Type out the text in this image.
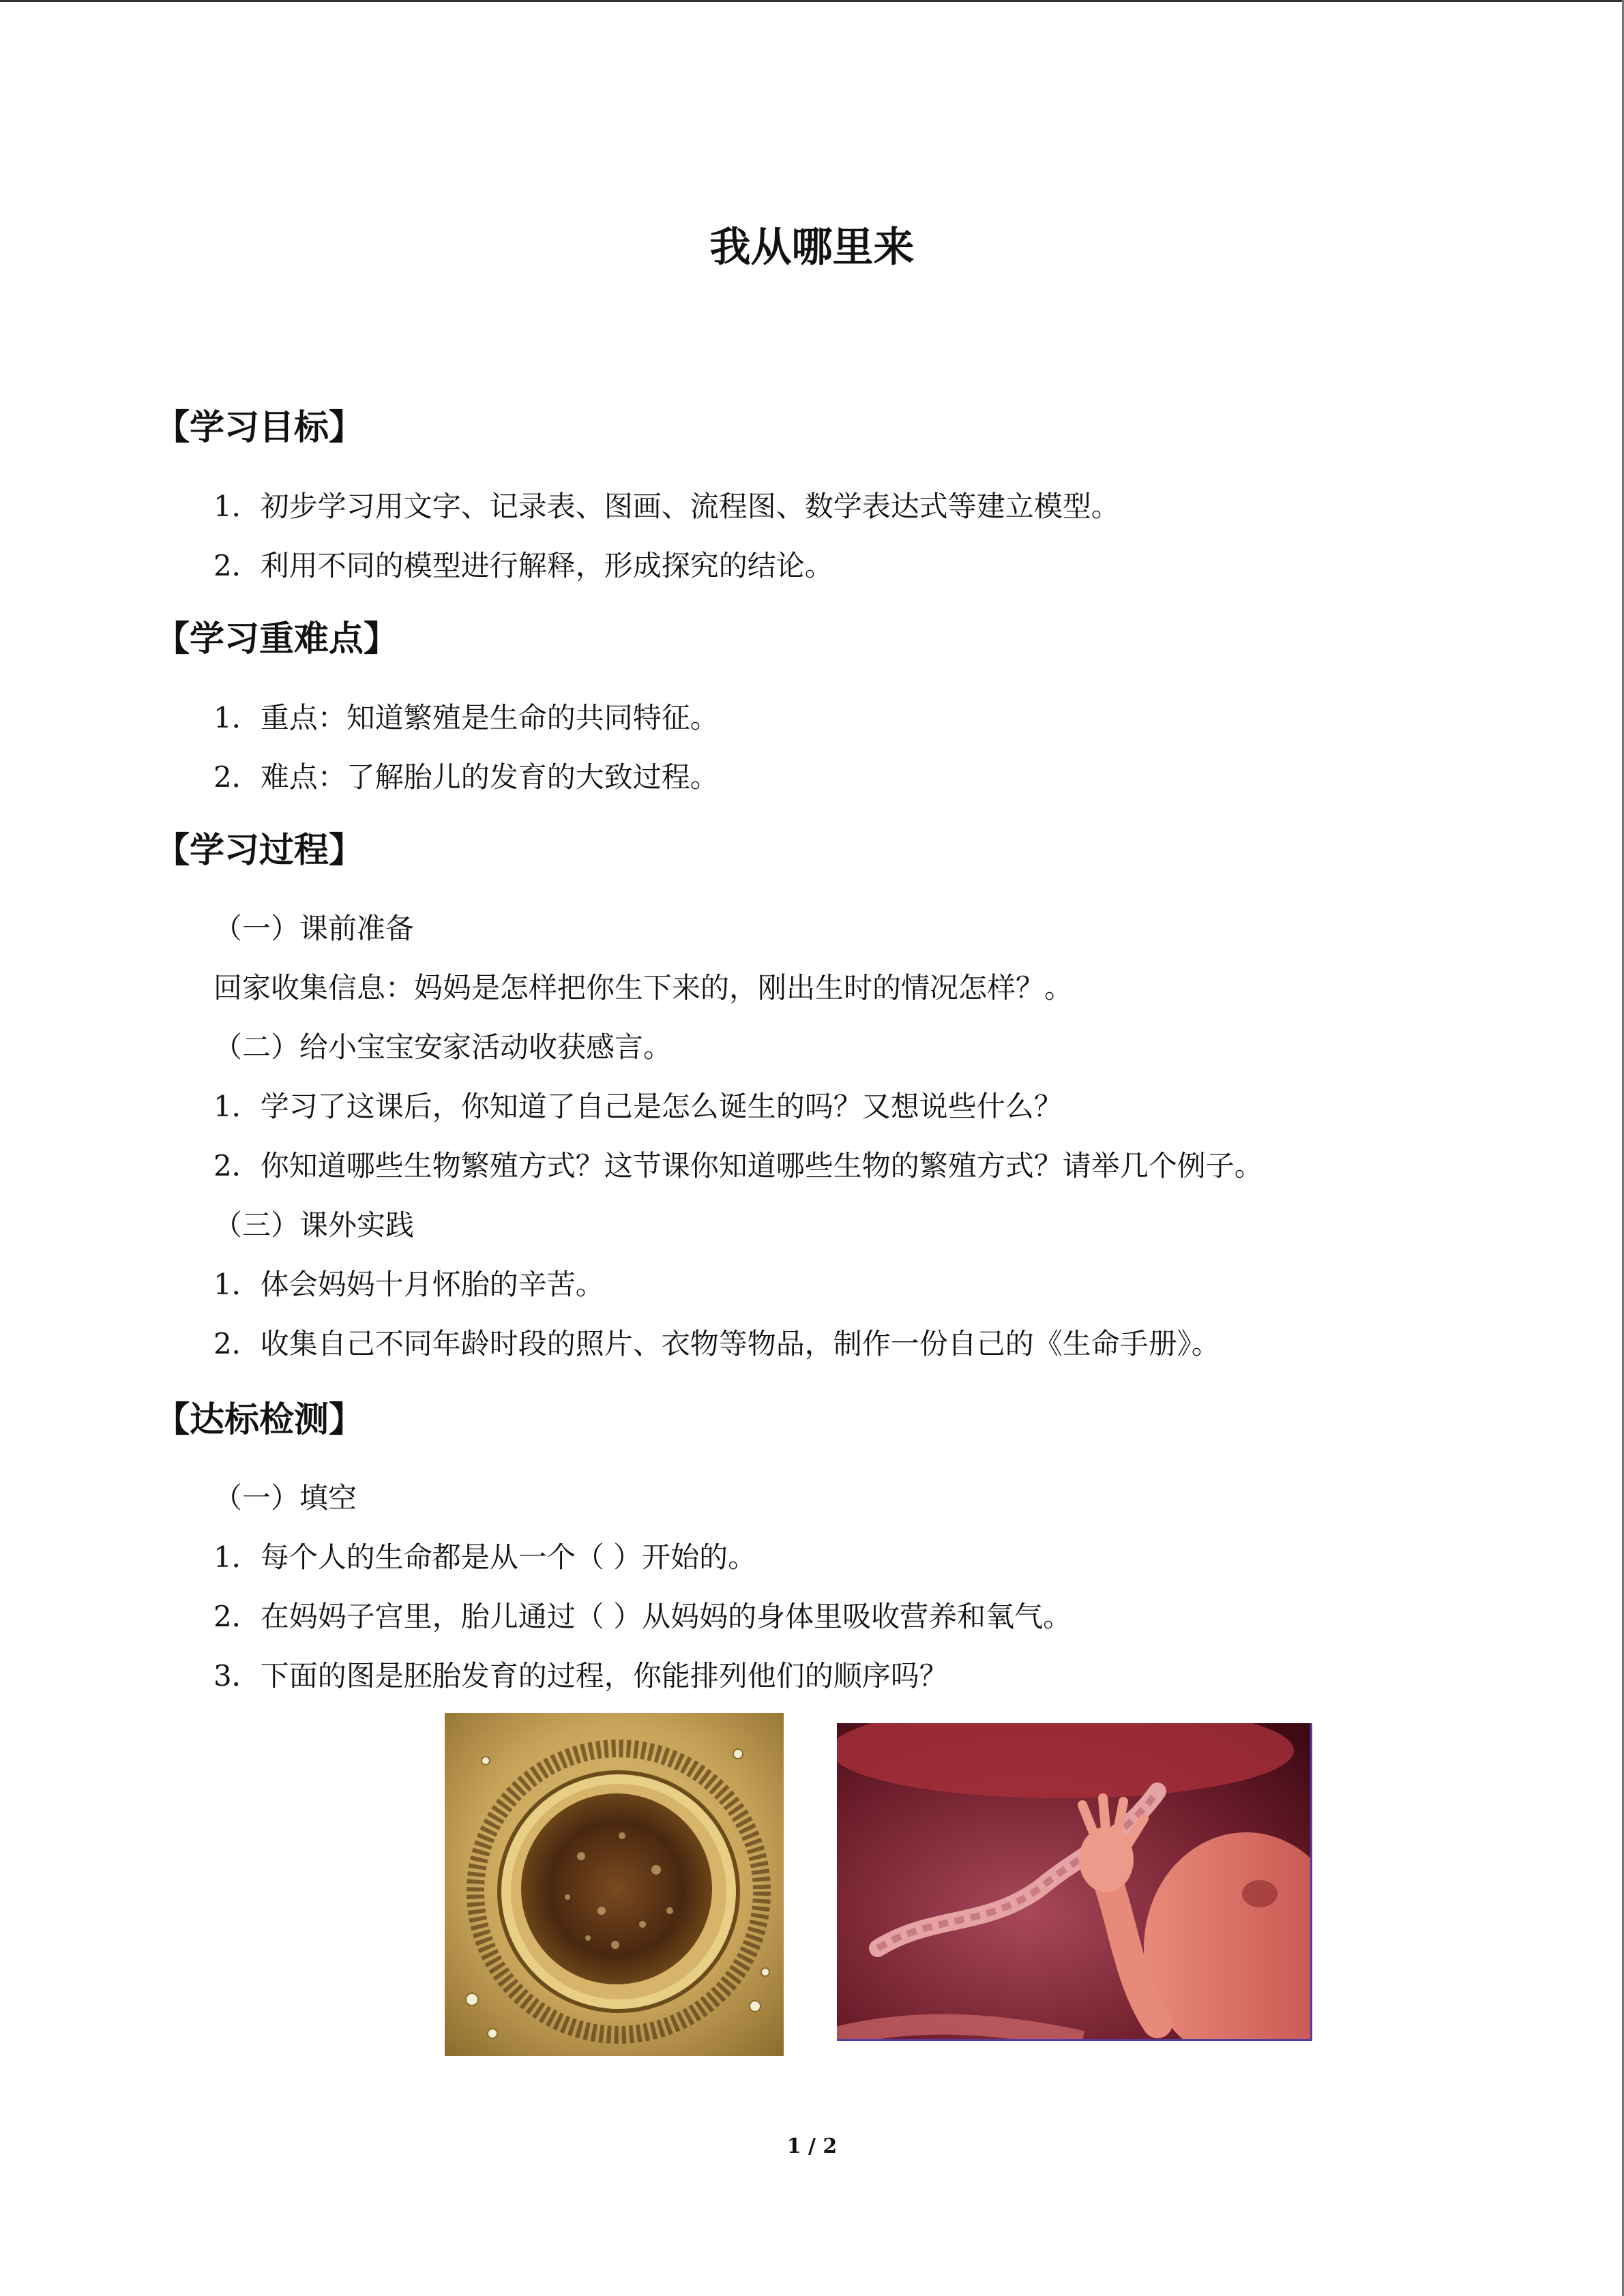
我从哪里来
【学习目标】
1．初步学习用文字、记录表、图画、流程图、数学表达式等建立模型。
2．利用不同的模型进行解释，形成探究的结论。
【学习重难点】
1．重点：知道繁殖是生命的共同特征。
2．难点：了解胎儿的发育的大致过程。
【学习过程】
（一）课前准备
回家收集信息：妈妈是怎样把你生下来的，刚出生时的情况怎样？。
（二）给小宝宝安家活动收获感言。
1．学习了这课后，你知道了自己是怎么诞生的吗？又想说些什么？
2．你知道哪些生物繁殖方式？这节课你知道哪些生物的繁殖方式？请举几个例子。
（三）课外实践
1．体会妈妈十月怀胎的辛苦。
2．收集自己不同年龄时段的照片、衣物等物品，制作一份自己的《生命手册》。
【达标检测】
（一）填空
1．每个人的生命都是从一个（ ）开始的。
2．在妈妈子宫里，胎儿通过（ ）从妈妈的身体里吸收营养和氧气。
3．下面的图是胚胎发育的过程，你能排列他们的顺序吗？
1 / 2
